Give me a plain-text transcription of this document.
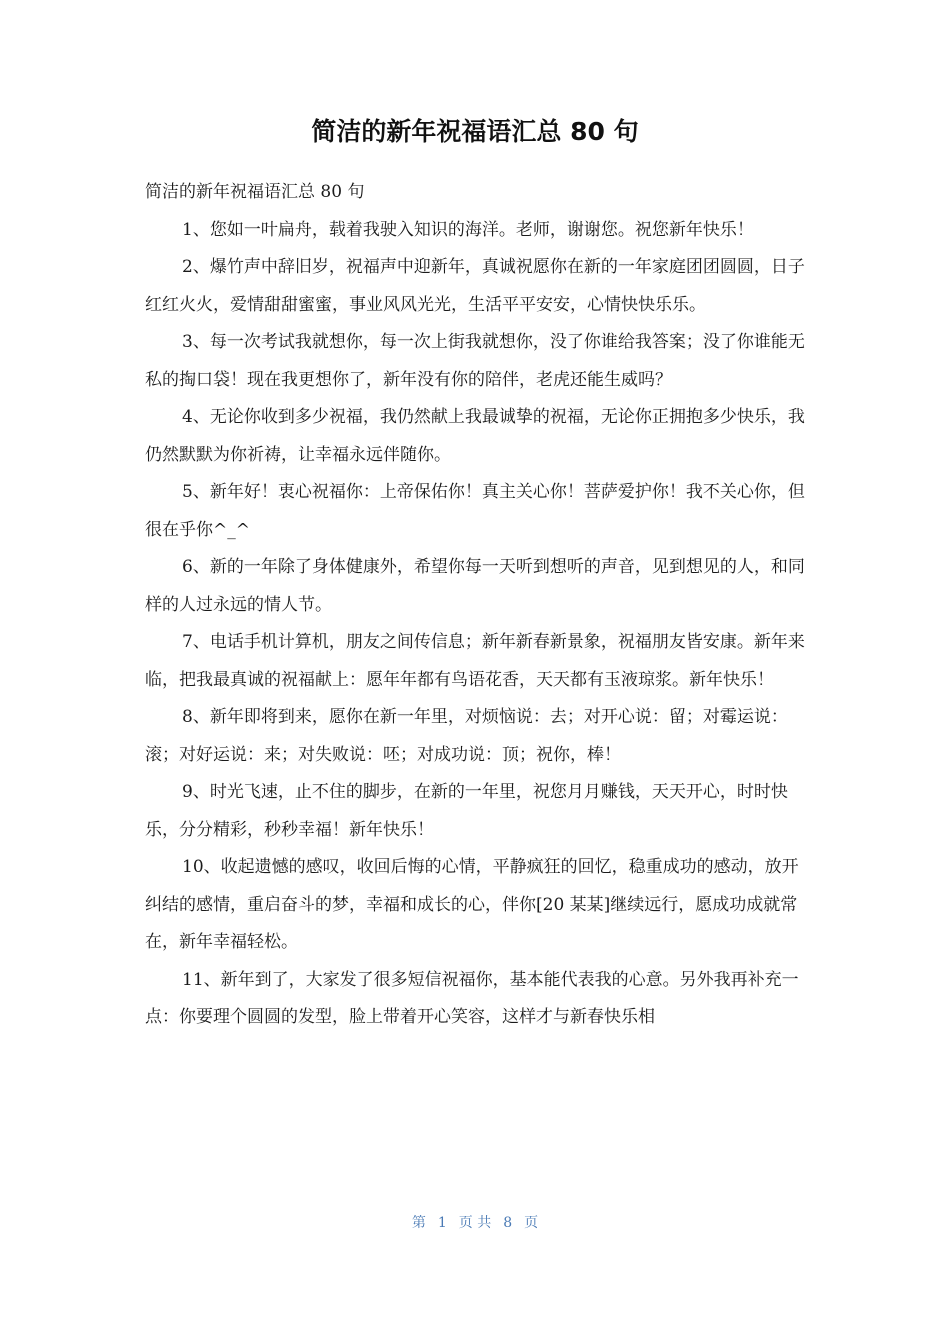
简洁的新年祝福语汇总 80 句

简洁的新年祝福语汇总 80 句

1、您如一叶扁舟，载着我驶入知识的海洋。老师，谢谢您。祝您新年快乐！

2、爆竹声中辞旧岁，祝福声中迎新年，真诚祝愿你在新的一年家庭团团圆圆，日子红红火火，爱情甜甜蜜蜜，事业风风光光，生活平平安安，心情快快乐乐。

3、每一次考试我就想你，每一次上街我就想你，没了你谁给我答案；没了你谁能无私的掏口袋！现在我更想你了，新年没有你的陪伴，老虎还能生威吗？

4、无论你收到多少祝福，我仍然献上我最诚挚的祝福，无论你正拥抱多少快乐，我仍然默默为你祈祷，让幸福永远伴随你。

5、新年好！衷心祝福你：上帝保佑你！真主关心你！菩萨爱护你！我不关心你，但很在乎你^_^

6、新的一年除了身体健康外，希望你每一天听到想听的声音，见到想见的人，和同样的人过永远的情人节。

7、电话手机计算机，朋友之间传信息；新年新春新景象，祝福朋友皆安康。新年来临，把我最真诚的祝福献上：愿年年都有鸟语花香，天天都有玉液琼浆。新年快乐！

8、新年即将到来，愿你在新一年里，对烦恼说：去；对开心说：留；对霉运说：滚；对好运说：来；对失败说：呸；对成功说：顶；祝你，棒！

9、时光飞速，止不住的脚步，在新的一年里，祝您月月赚钱，天天开心，时时快乐，分分精彩，秒秒幸福！新年快乐！

10、收起遗憾的感叹，收回后悔的心情，平静疯狂的回忆，稳重成功的感动，放开纠结的感情，重启奋斗的梦，幸福和成长的心，伴你[20 某某]继续远行，愿成功成就常在，新年幸福轻松。

11、新年到了，大家发了很多短信祝福你，基本能代表我的心意。另外我再补充一点：你要理个圆圆的发型，脸上带着开心笑容，这样才与新春快乐相

第 1 页 共 8 页
